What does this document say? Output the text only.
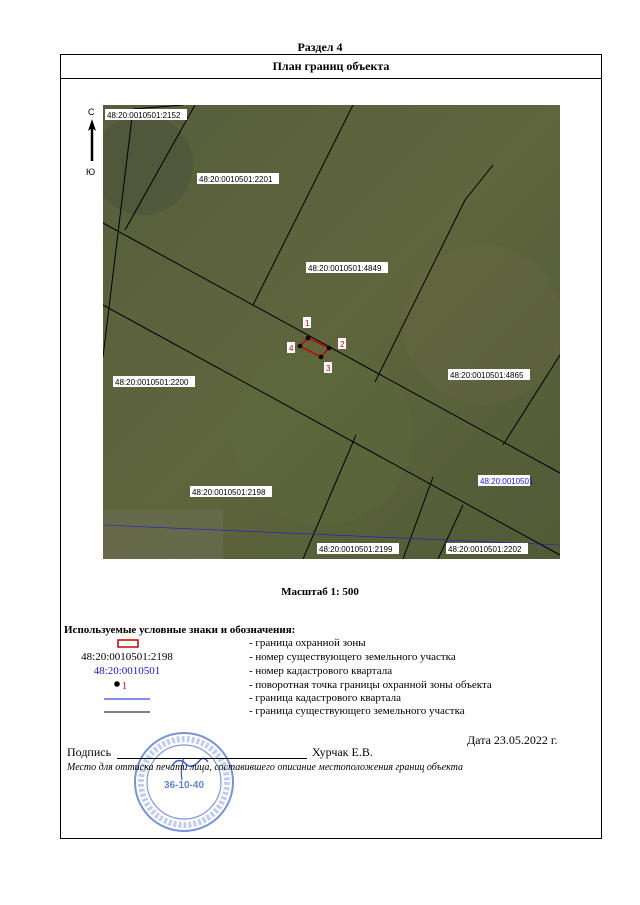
Раздел 4
План границ объекта
С
Ю
1
2
3
4
48:20:0010501:2152
48:20:0010501:2201
48:20:0010501:4849
48:20:0010501:2200
48:20:0010501:4865
48:20:0010501:2198
48:20:0010501:2199	48:20:0010501:2202
48:20:0010501
Масштаб 1: 500
Используемые условные знаки и обозначения:
- граница охранной зоны
48:20:0010501:2198	- номер существующего земельного участка
48:20:0010501	- номер кадастрового квартала
1	- поворотная точка границы охранной зоны объекта
- граница кадастрового квартала
- граница существующего земельного участка
Дата 23.05.2022 г.
36-10-40
Подпись	Хурчак Е.В.
Место для оттиска печати лица, составившего описание местоположения границ объекта
